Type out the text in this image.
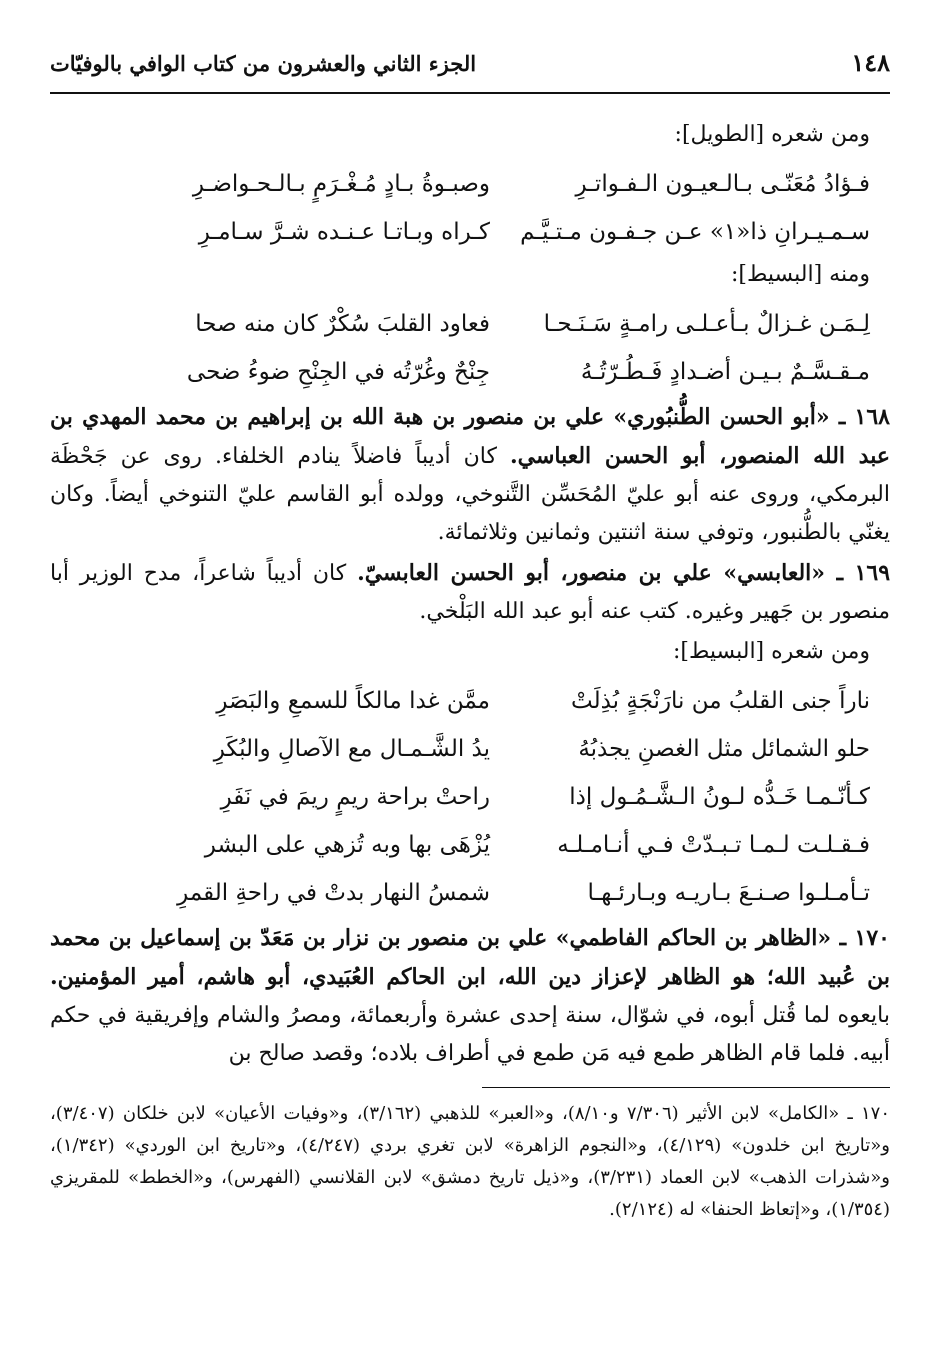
١٤٨
الجزء الثاني والعشرون من كتاب الوافي بالوفيّات
ومن شعره [الطويل]:
فـؤادُ مُعَنّـى بـالـعيـون الـفـواتـرِ
وصبـوةُ بـادٍ مُـغْـرَمٍ بـالـحـواضـرِ
سـمـيـرانِ ذا«١» عـن جـفـون مـتـيَّـم
كـراه وبـاتـا عـنـده شـرَّ سـامـرِ
ومنه [البسيط]:
لِـمَـن غـزالٌ بـأعـلـى رامـةٍ سَـنَـحـا
فعاود القلبَ سُكْرٌ كان منه صحا
مـقـسَّـمٌ بـيـن أضـدادٍ فَـطُـرّتُـهُ
جِنْحٌ وغُرّتُه في الجِنْحِ ضوءُ ضحى
١٦٨ ـ «أبو الحسن الطُّنبُوري» علي بن منصور بن هبة الله بن إبراهيم بن محمد المهدي بن عبد الله المنصور، أبو الحسن العباسي. كان أديباً فاضلاً ينادم الخلفاء. روى عن جَحْظَة البرمكي، وروى عنه أبو عليّ المُحَسِّن التَّنوخي، وولده أبو القاسم عليّ التنوخي أيضاً. وكان يغنّي بالطُّنبور، وتوفي سنة اثنتين وثمانين وثلاثمائة.
١٦٩ ـ «العابسي» علي بن منصور، أبو الحسن العابسيّ. كان أديباً شاعراً، مدح الوزير أبا منصور بن جَهير وغيره. كتب عنه أبو عبد الله البَلْخي.
ومن شعره [البسيط]:
ناراً جنى القلبُ من نارَنْجَةٍ بُذِلَتْ
ممَّن غدا مالكاً للسمعِ والبَصَرِ
حلو الشمائل مثل الغصنِ يجذبُهُ
يدُ الشَّـمـال مع الآصالِ والبُكَرِ
كـأنّـمـا خَـدُّه لـونُ الـشَّـمُـول إذا
راحتْ براحة ريمٍ ريمَ في نَفَرِ
فـقـلـت لـمـا تـبـدّتْ فـي أنـامـلـه
يُزْهَى بها وبه تُزهي على البشر
تـأمـلـوا صـنـعَ بـاريـه وبـارئـهـا
شمسُ النهار بدتْ في راحةِ القمرِ
١٧٠ ـ «الظاهر بن الحاكم الفاطمي» علي بن منصور بن نزار بن مَعَدّ بن إسماعيل بن محمد بن عُبيد الله؛ هو الظاهر لإعزاز دين الله، ابن الحاكم العُبَيدي، أبو هاشم، أمير المؤمنين. بايعوه لما قُتل أبوه، في شوّال، سنة إحدى عشرة وأربعمائة، ومصرُ والشام وإفريقية في حكم أبيه. فلما قام الظاهر طمع فيه مَن طمع في أطراف بلاده؛ وقصد صالح بن
١٧٠ ـ «الكامل» لابن الأثير (٧/٣٠٦ و٨/١٠)، و«العبر» للذهبي (٣/١٦٢)، و«وفيات الأعيان» لابن خلكان (٣/٤٠٧)، و«تاريخ ابن خلدون» (٤/١٢٩)، و«النجوم الزاهرة» لابن تغري بردي (٤/٢٤٧)، و«تاريخ ابن الوردي» (١/٣٤٢)، و«شذرات الذهب» لابن العماد (٣/٢٣١)، و«ذيل تاريخ دمشق» لابن القلانسي (الفهرس)، و«الخطط» للمقريزي (١/٣٥٤)، و«إتعاظ الحنفا» له (٢/١٢٤).
